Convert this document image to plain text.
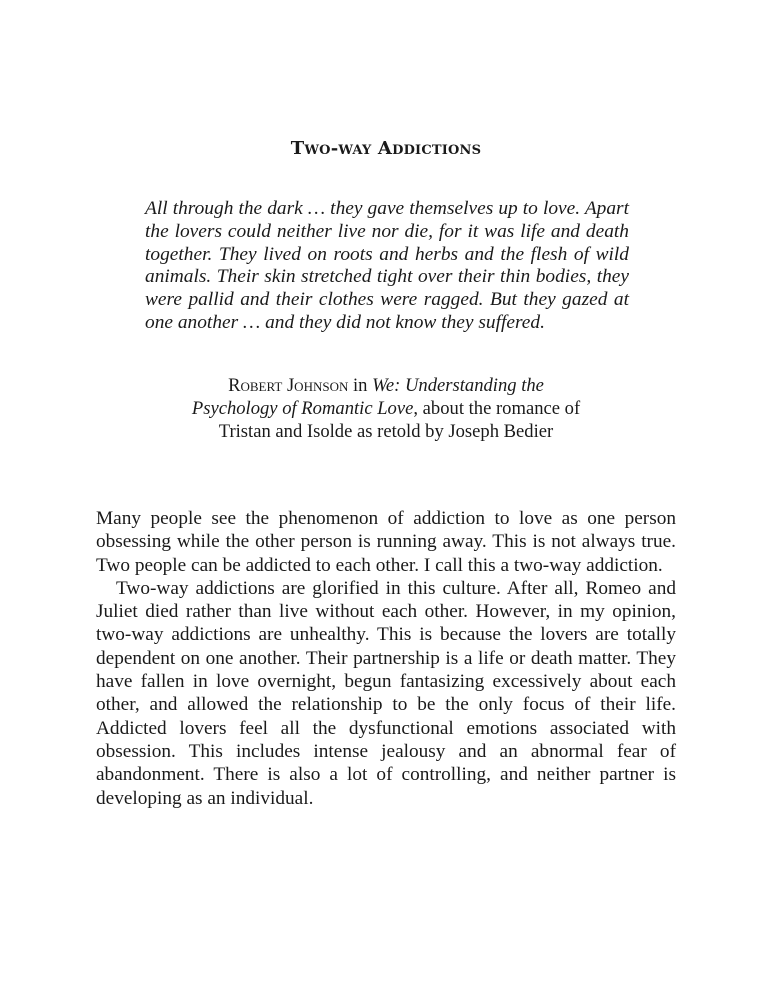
Two-way Addictions
All through the dark … they gave themselves up to love. Apart the lovers could neither live nor die, for it was life and death together. They lived on roots and herbs and the flesh of wild animals. Their skin stretched tight over their thin bodies, they were pallid and their clothes were ragged. But they gazed at one another … and they did not know they suffered.
Robert Johnson in We: Understanding the Psychology of Romantic Love, about the romance of Tristan and Isolde as retold by Joseph Bedier

Many people see the phenomenon of addiction to love as one person obsessing while the other person is running away. This is not always true. Two people can be addicted to each other. I call this a two-way addiction.

Two-way addictions are glorified in this culture. After all, Romeo and Juliet died rather than live without each other. However, in my opinion, two-way addictions are unhealthy. This is because the lovers are totally dependent on one another. Their partnership is a life or death matter. They have fallen in love overnight, begun fantasizing excessively about each other, and allowed the relationship to be the only focus of their life. Addicted lovers feel all the dysfunctional emotions associated with obsession. This includes intense jealousy and an abnormal fear of abandonment. There is also a lot of controlling, and neither partner is developing as an individual.
